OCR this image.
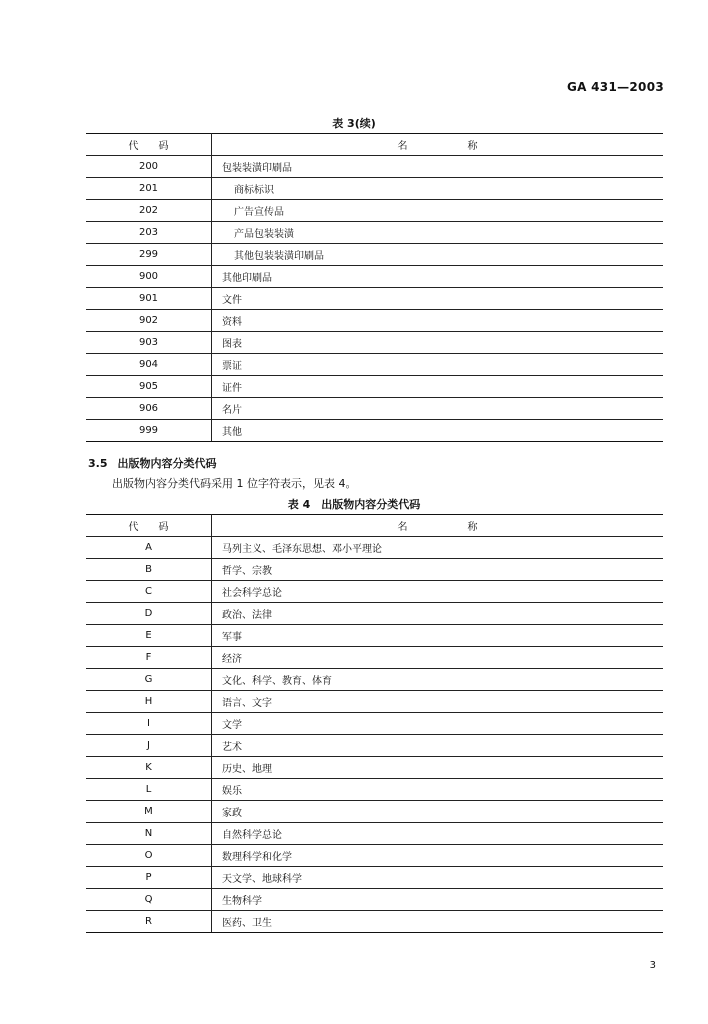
GA 431—2003
表 3(续)
代　　码	名　　　　　　称
200	包装装潢印刷品
201	商标标识
202	广告宣传品
203	产品包装装潢
299	其他包装装潢印刷品
900	其他印刷品
901	文件
902	资料
903	图表
904	票证
905	证件
906	名片
999	其他
3.5 出版物内容分类代码
出版物内容分类代码采用 1 位字符表示，见表 4。
表 4　出版物内容分类代码
代　　码	名　　　　　　称
A	马列主义、毛泽东思想、邓小平理论
B	哲学、宗教
C	社会科学总论
D	政治、法律
E	军事
F	经济
G	文化、科学、教育、体育
H	语言、文字
I	文学
J	艺术
K	历史、地理
L	娱乐
M	家政
N	自然科学总论
O	数理科学和化学
P	天文学、地球科学
Q	生物科学
R	医药、卫生
3
